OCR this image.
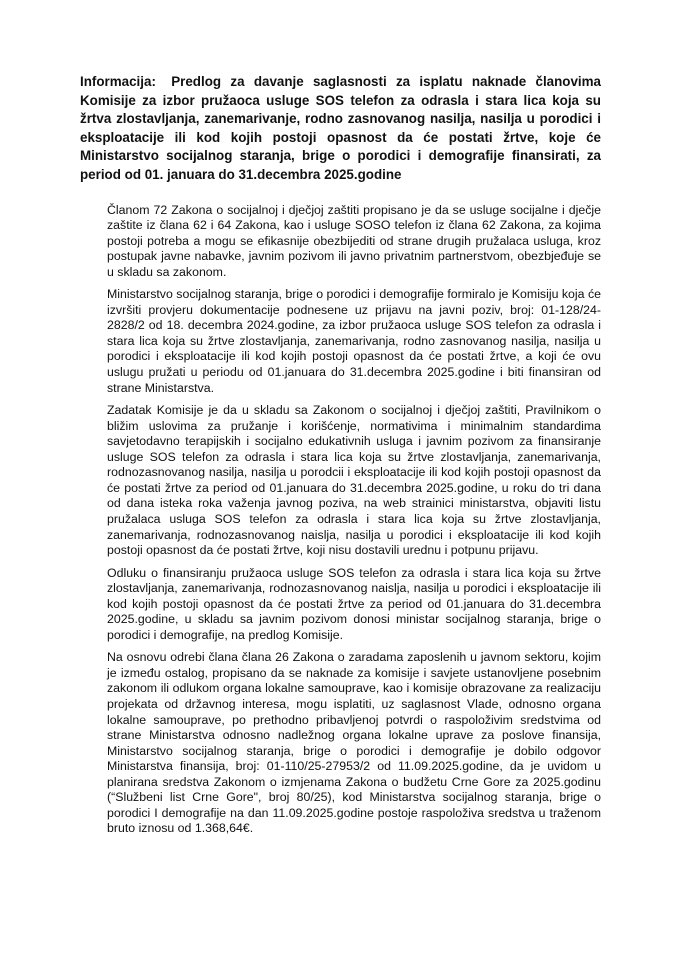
Informacija: Predlog za davanje saglasnosti za isplatu naknade članovima Komisije za izbor pružaoca usluge SOS telefon za odrasla i stara lica koja su žrtva zlostavljanja, zanemarivanje, rodno zasnovanog nasilja, nasilja u porodici i eksploatacije ili kod kojih postoji opasnost da će postati žrtve, koje će Ministarstvo socijalnog staranja, brige o porodici i demografije finansirati, za period od 01. januara do 31.decembra 2025.godine

Članom 72 Zakona o socijalnoj i dječjoj zaštiti propisano je da se usluge socijalne i dječje zaštite iz člana 62 i 64 Zakona, kao i usluge SOSO telefon iz člana 62 Zakona, za kojima postoji potreba a mogu se efikasnije obezbijediti od strane drugih pružalaca usluga, kroz postupak javne nabavke, javnim pozivom ili javno privatnim partnerstvom, obezbjeđuje se u skladu sa zakonom.

Ministarstvo socijalnog staranja, brige o porodici i demografije formiralo je Komisiju koja će izvršiti provjeru dokumentacije podnesene uz prijavu na javni poziv, broj: 01-128/24-2828/2 od 18. decembra 2024.godine, za izbor pružaoca usluge SOS telefon za odrasla i stara lica koja su žrtve zlostavljanja, zanemarivanja, rodno zasnovanog nasilja, nasilja u porodici i eksploatacije ili kod kojih postoji opasnost da će postati žrtve, a koji će ovu uslugu pružati u periodu od 01.januara do 31.decembra 2025.godine i biti finansiran od strane Ministarstva.

Zadatak Komisije je da u skladu sa Zakonom o socijalnoj i dječjoj zaštiti, Pravilnikom o bližim uslovima za pružanje i korišćenje, normativima i minimalnim standardima savjetodavno terapijskih i socijalno edukativnih usluga i javnim pozivom za finansiranje usluge SOS telefon za odrasla i stara lica koja su žrtve zlostavljanja, zanemarivanja, rodnozasnovanog nasilja, nasilja u porodcii i eksploatacije ili kod kojih postoji opasnost da će postati žrtve za period od 01.januara do 31.decembra 2025.godine, u roku do tri dana od dana isteka roka važenja javnog poziva, na web strainici ministarstva, objaviti listu pružalaca usluga SOS telefon za odrasla i stara lica koja su žrtve zlostavljanja, zanemarivanja, rodnozasnovanog naislja, nasilja u porodici i eksploatacije ili kod kojih postoji opasnost da će postati žrtve, koji nisu dostavili urednu i potpunu prijavu.

Odluku o finansiranju pružaoca usluge SOS telefon za odrasla i stara lica koja su žrtve zlostavljanja, zanemarivanja, rodnozasnovanog naislja, nasilja u porodici i eksploatacije ili kod kojih postoji opasnost da će postati žrtve za period od 01.januara do 31.decembra 2025.godine, u skladu sa javnim pozivom donosi ministar socijalnog staranja, brige o porodici i demografije, na predlog Komisije.

Na osnovu odrebi člana člana 26 Zakona o zaradama zaposlenih u javnom sektoru, kojim je između ostalog, propisano da se naknade za komisije i savjete ustanovljene posebnim zakonom ili odlukom organa lokalne samouprave, kao i komisije obrazovane za realizaciju projekata od državnog interesa, mogu isplatiti, uz saglasnost Vlade, odnosno organa lokalne samouprave, po prethodno pribavljenoj potvrdi o raspoloživim sredstvima od strane Ministarstva odnosno nadležnog organa lokalne uprave za poslove finansija, Ministarstvo socijalnog staranja, brige o porodici i demografije je dobilo odgovor Ministarstva finansija, broj: 01-110/25-27953/2 od 11.09.2025.godine, da je uvidom u planirana sredstva Zakonom o izmjenama Zakona o budžetu Crne Gore za 2025.godinu (“Službeni list Crne Gore", broj 80/25), kod Ministarstva socijalnog staranja, brige o porodici I demografije na dan 11.09.2025.godine postoje raspoloživa sredstva u traženom bruto iznosu od 1.368,64€.
